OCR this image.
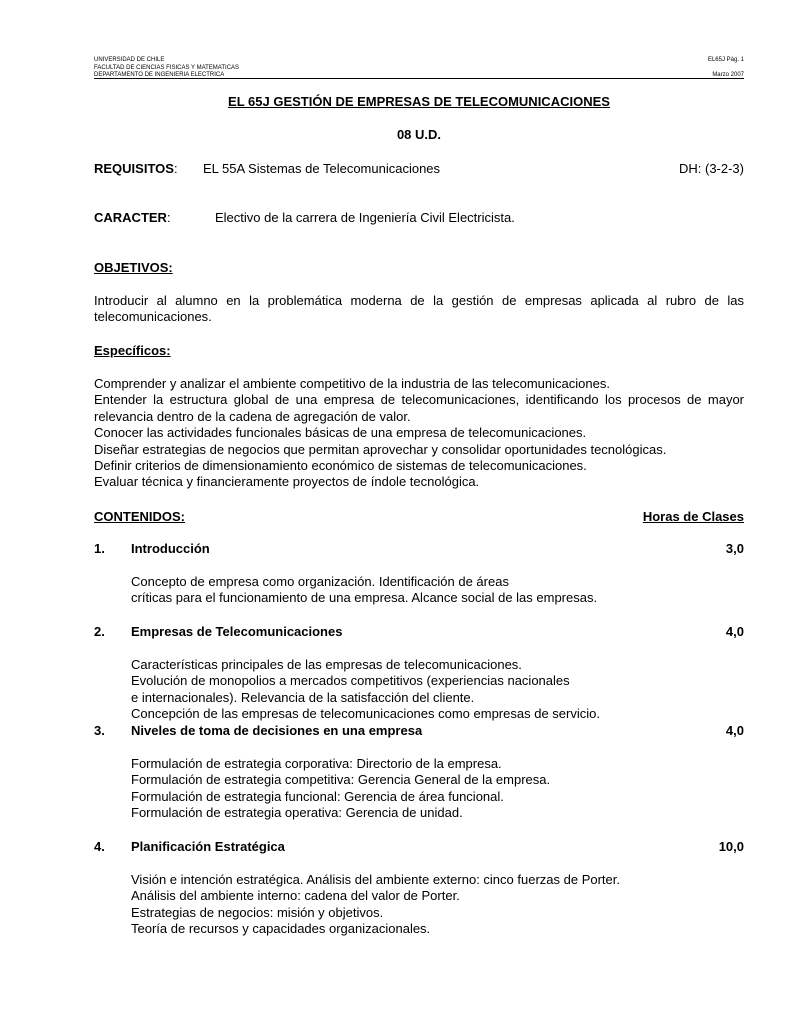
UNIVERSIDAD DE CHILE
FACULTAD DE CIENCIAS FISICAS Y MATEMATICAS
DEPARTAMENTO DE INGENIERIA ELECTRICA
EL65J Pág. 1
Marzo 2007
EL 65J GESTIÓN DE EMPRESAS DE TELECOMUNICACIONES
08 U.D.
REQUISITOS: EL 55A Sistemas de Telecomunicaciones	DH: (3-2-3)
CARACTER:	Electivo de la carrera de Ingeniería Civil Electricista.
OBJETIVOS:
Introducir al alumno en la problemática moderna de la gestión de empresas aplicada al rubro de las telecomunicaciones.
Específicos:
Comprender y analizar el ambiente competitivo de la industria de las telecomunicaciones.
Entender la estructura global de una empresa de telecomunicaciones, identificando los procesos de mayor relevancia dentro de la cadena de agregación de valor.
Conocer las actividades funcionales básicas de una empresa de telecomunicaciones.
Diseñar estrategias de negocios que permitan aprovechar y consolidar oportunidades tecnológicas.
Definir criterios de dimensionamiento económico de sistemas de telecomunicaciones.
Evaluar técnica y financieramente proyectos de índole tecnológica.
CONTENIDOS:	Horas de Clases
1. Introducción	3,0
Concepto de empresa como organización. Identificación de áreas
críticas para el funcionamiento de una empresa. Alcance social de las empresas.
2. Empresas de Telecomunicaciones	4,0
Características principales de las empresas de telecomunicaciones.
Evolución de monopolios a mercados competitivos (experiencias nacionales
e internacionales). Relevancia de la satisfacción del cliente.
Concepción de las empresas de telecomunicaciones como empresas de servicio.
3. Niveles de toma de decisiones en una empresa	4,0
Formulación de estrategia corporativa: Directorio de la empresa.
Formulación de estrategia competitiva: Gerencia General de la empresa.
Formulación de estrategia funcional: Gerencia de área funcional.
Formulación de estrategia operativa: Gerencia de unidad.
4. Planificación Estratégica	10,0
Visión e intención estratégica. Análisis del ambiente externo: cinco fuerzas de Porter.
Análisis del ambiente interno: cadena del valor de Porter.
Estrategias de negocios: misión y objetivos.
Teoría de recursos y capacidades organizacionales.
